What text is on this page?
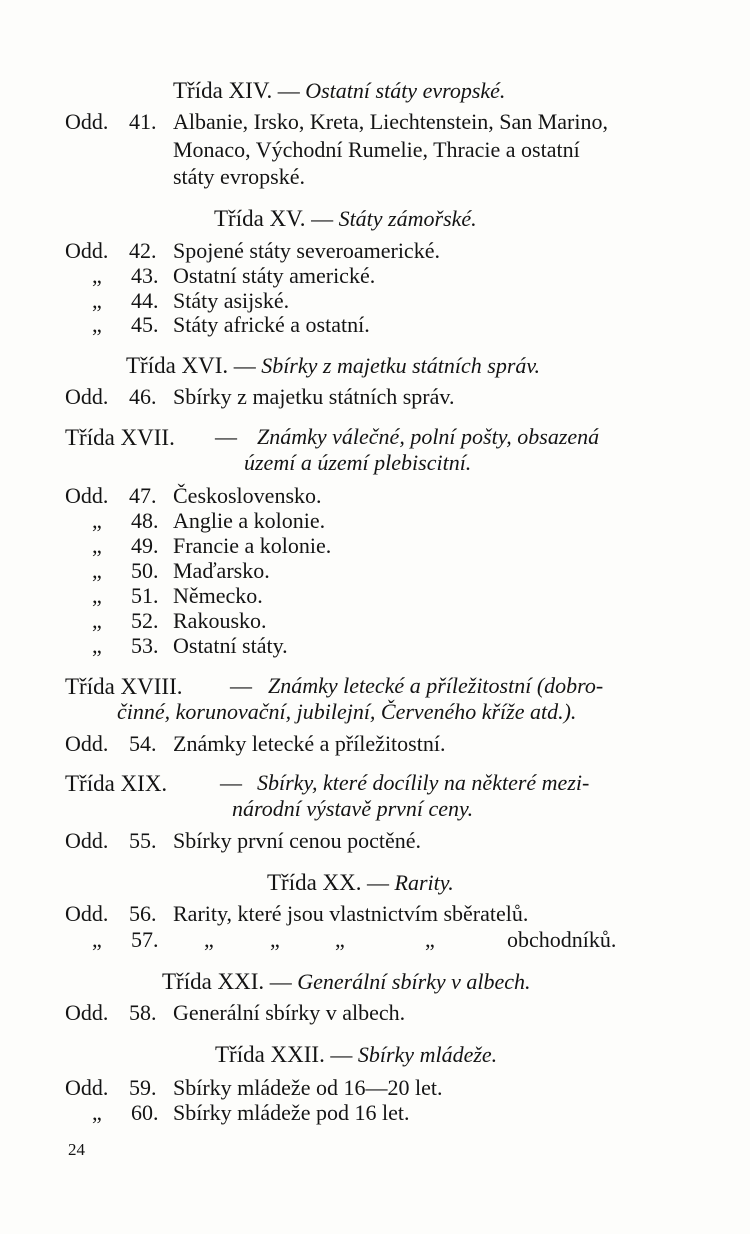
Třída XIV. — Ostatní státy evropské.
Odd. 41. Albanie, Irsko, Kreta, Liechtenstein, San Marino,
Monaco, Východní Rumelie, Thracie a ostatní
státy evropské.
Třída XV. — Státy zámořské.
Odd. 42. Spojené státy severoamerické.
„ 43. Ostatní státy americké.
„ 44. Státy asijské.
„ 45. Státy africké a ostatní.
Třída XVI. — Sbírky z majetku státních správ.
Odd. 46. Sbírky z majetku státních správ.
Třída XVII. — Známky válečné, polní pošty, obsazená
území a území plebiscitní.
Odd. 47. Československo.
„ 48. Anglie a kolonie.
„ 49. Francie a kolonie.
„ 50. Maďarsko.
„ 51. Německo.
„ 52. Rakousko.
„ 53. Ostatní státy.
Třída XVIII. — Známky letecké a příležitostní (dobro-
činné, korunovační, jubilejní, Červeného kříže atd.).
Odd. 54. Známky letecké a příležitostní.
Třída XIX. — Sbírky, které docílily na některé mezi-
národní výstavě první ceny.
Odd. 55. Sbírky první cenou poctěné.
Třída XX. — Rarity.
Odd. 56. Rarity, které jsou vlastnictvím sběratelů.
„ 57. „	„	„	„	obchodníků.
Třída XXI. — Generální sbírky v albech.
Odd. 58. Generální sbírky v albech.
Třída XXII. — Sbírky mládeže.
Odd. 59. Sbírky mládeže od 16—20 let.
„ 60. Sbírky mládeže pod 16 let.
24
